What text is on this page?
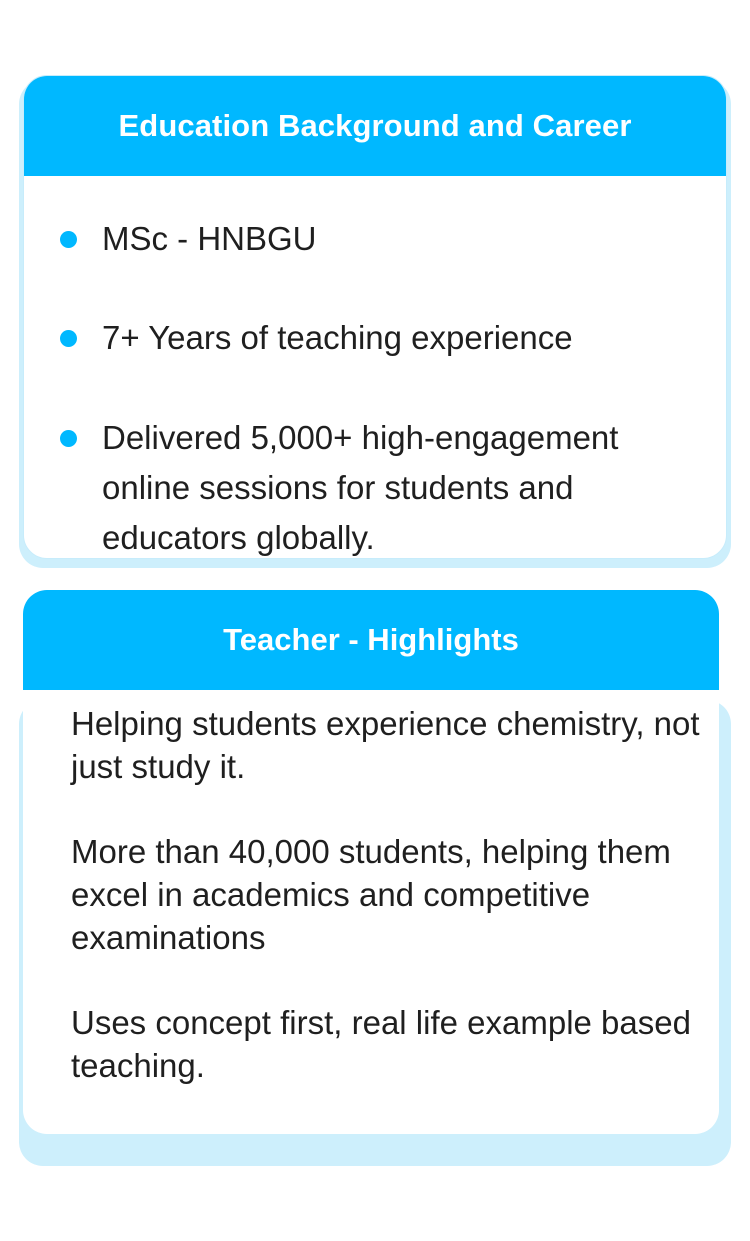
Education Background and Career
MSc - HNBGU
7+ Years of teaching experience
Delivered 5,000+ high-engagement online sessions for students and educators globally.
Teacher - Highlights

Helping students experience chemistry, not just study it.

More than 40,000 students, helping them excel in academics and competitive examinations

Uses concept first, real life example based teaching.
